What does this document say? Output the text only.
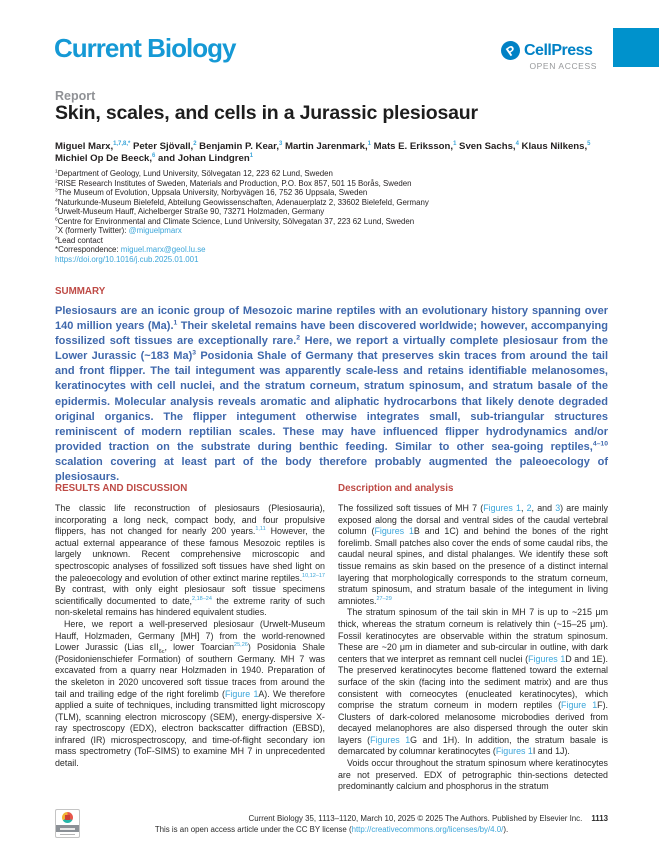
Current Biology	P CellPress
OPEN ACCESS
Report
Skin, scales, and cells in a Jurassic plesiosaur
Miguel Marx,$^{1,7,8,*}$ Peter Sjövall,$^2$ Benjamin P. Kear,$^3$ Martin Jarenmark,$^1$ Mats E. Eriksson,$^1$ Sven Sachs,$^4$ Klaus Nilkens,$^5$ Michiel Op De Beeck,$^6$ and Johan Lindgren$^1$
$^1$Department of Geology, Lund University, Sölvegatan 12, 223 62 Lund, Sweden
$^2$RISE Research Institutes of Sweden, Materials and Production, P.O. Box 857, 501 15 Borås, Sweden
$^3$The Museum of Evolution, Uppsala University, Norbyvägen 16, 752 36 Uppsala, Sweden
$^4$Naturkunde-Museum Bielefeld, Abteilung Geowissenschaften, Adenauerplatz 2, 33602 Bielefeld, Germany
$^5$Urwelt-Museum Hauff, Aichelberger Straße 90, 73271 Holzmaden, Germany
$^6$Centre for Environmental and Climate Science, Lund University, Sölvegatan 37, 223 62 Lund, Sweden
$^7$X (formerly Twitter): @miguelpmarx
$^8$Lead contact
*Correspondence: miguel.marx@geol.lu.se
https://doi.org/10.1016/j.cub.2025.01.001
SUMMARY

Plesiosaurs are an iconic group of Mesozoic marine reptiles with an evolutionary history spanning over 140 million years (Ma).$^1$ Their skeletal remains have been discovered worldwide; however, accompanying fossilized soft tissues are exceptionally rare.$^2$ Here, we report a virtually complete plesiosaur from the Lower Jurassic (~183 Ma)$^3$ Posidonia Shale of Germany that preserves skin traces from around the tail and front flipper. The tail integument was apparently scale-less and retains identifiable melanosomes, keratinocytes with cell nuclei, and the stratum corneum, stratum spinosum, and stratum basale of the epidermis. Molecular analysis reveals aromatic and aliphatic hydrocarbons that likely denote degraded original organics. The flipper integument otherwise integrates small, sub-triangular structures reminiscent of modern reptilian scales. These may have influenced flipper hydrodynamics and/or provided traction on the substrate during benthic feeding. Similar to other sea-going reptiles,$^{4-10}$ scalation covering at least part of the body therefore probably augmented the paleoecology of plesiosaurs.

RESULTS AND DISCUSSION

The classic life reconstruction of plesiosaurs (Plesiosauria), incorporating a long neck, compact body, and four propulsive flippers, has not changed for nearly 200 years.$^{1,11}$ However, the actual external appearance of these famous Mesozoic reptiles is largely unknown. Recent comprehensive microscopic and spectroscopic analyses of fossilized soft tissues have shed light on the paleoecology and evolution of other extinct marine reptiles.$^{10,12-17}$ By contrast, with only eight plesiosaur soft tissue specimens scientifically documented to date,$^{2,18-24}$ the extreme rarity of such non-skeletal remains has hindered equivalent studies.

Here, we report a well-preserved plesiosaur (Urwelt-Museum Hauff, Holzmaden, Germany [MH] 7) from the world-renowned Lower Jurassic (Lias εII$_{6c}$, lower Toarcian$^{25,26}$) Posidonia Shale (Posidonienschiefer Formation) of southern Germany. MH 7 was excavated from a quarry near Holzmaden in 1940. Preparation of the skeleton in 2020 uncovered soft tissue traces from around the tail and trailing edge of the right forelimb (Figure 1A). We therefore applied a suite of techniques, including transmitted light microscopy (TLM), scanning electron microscopy (SEM), energy-dispersive X-ray spectroscopy (EDX), electron backscatter diffraction (EBSD), infrared (IR) microspectroscopy, and time-of-flight secondary ion mass spectrometry (ToF-SIMS) to examine MH 7 in unprecedented detail.

Description and analysis

The fossilized soft tissues of MH 7 (Figures 1, 2, and 3) are mainly exposed along the dorsal and ventral sides of the caudal vertebral column (Figures 1B and 1C) and behind the bones of the right forelimb. Small patches also cover the ends of some caudal ribs, the caudal neural spines, and distal phalanges. We identify these soft tissue remains as skin based on the presence of a distinct internal layering that morphologically corresponds to the stratum corneum, stratum spinosum, and stratum basale of the integument in living amniotes.$^{27-29}$

The stratum spinosum of the tail skin in MH 7 is up to ~215 μm thick, whereas the stratum corneum is relatively thin (~15–25 μm). Fossil keratinocytes are observable within the stratum spinosum. These are ~20 μm in diameter and sub-circular in outline, with dark centers that we interpret as remnant cell nuclei (Figures 1D and 1E). The preserved keratinocytes become flattened toward the external surface of the skin (facing into the sediment matrix) and are thus consistent with corneocytes (enucleated keratinocytes), which comprise the stratum corneum in modern reptiles (Figure 1F). Clusters of dark-colored melanosome microbodies derived from decayed melanophores are also dispersed through the outer skin layers (Figures 1G and 1H). In addition, the stratum basale is demarcated by columnar keratinocytes (Figures 1I and 1J).

Voids occur throughout the stratum spinosum where keratinocytes are not preserved. EDX of petrographic thin-sections detected predominantly calcium and phosphorus in the stratum

Current Biology 35, 1113–1120, March 10, 2025 © 2025 The Authors. Published by Elsevier Inc. 1113
This is an open access article under the CC BY license (http://creativecommons.org/licenses/by/4.0/).
